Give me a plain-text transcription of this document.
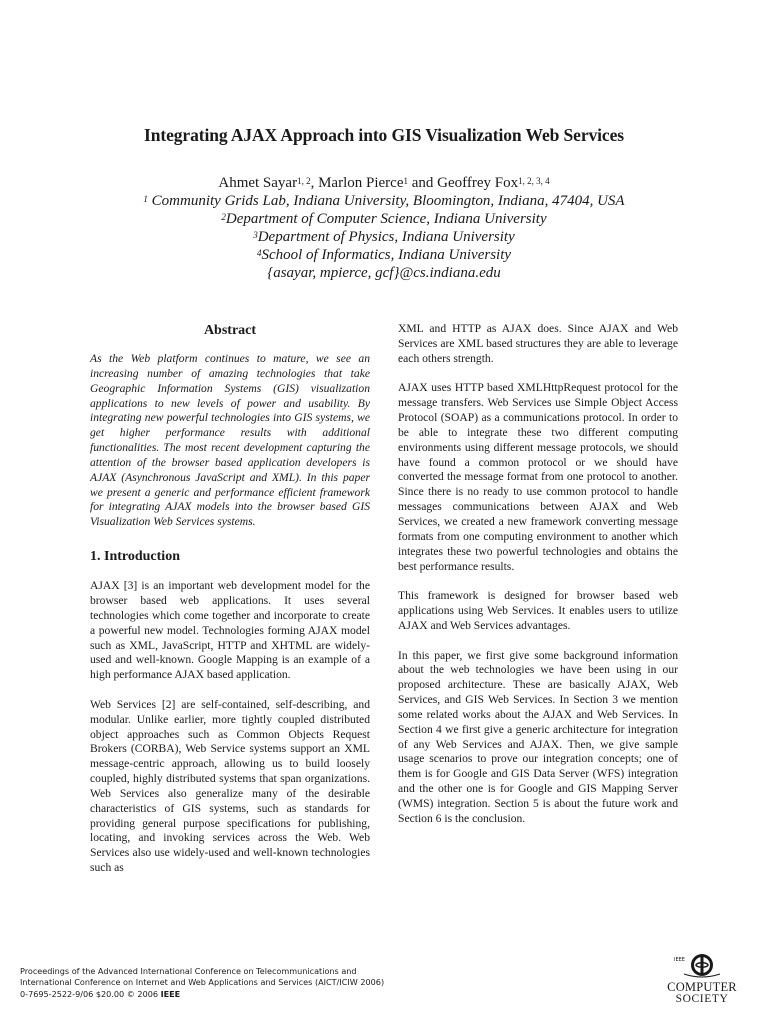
Integrating AJAX Approach into GIS Visualization Web Services
Ahmet Sayar$^{1, 2}$, Marlon Pierce$^1$ and Geoffrey Fox$^{1, 2, 3, 4}$
$^1$ Community Grids Lab, Indiana University, Bloomington, Indiana, 47404, USA
$^2$Department of Computer Science, Indiana University
$^3$Department of Physics, Indiana University
$^4$School of Informatics, Indiana University
{asayar, mpierce, gcf}@cs.indiana.edu
Abstract

As the Web platform continues to mature, we see an increasing number of amazing technologies that take Geographic Information Systems (GIS) visualization applications to new levels of power and usability. By integrating new powerful technologies into GIS systems, we get higher performance results with additional functionalities. The most recent development capturing the attention of the browser based application developers is AJAX (Asynchronous JavaScript and XML). In this paper we present a generic and performance efficient framework for integrating AJAX models into the browser based GIS Visualization Web Services systems.

1. Introduction

AJAX [3] is an important web development model for the browser based web applications. It uses several technologies which come together and incorporate to create a powerful new model. Technologies forming AJAX model such as XML, JavaScript, HTTP and XHTML are widely-used and well-known. Google Mapping is an example of a high performance AJAX based application.

Web Services [2] are self-contained, self-describing, and modular. Unlike earlier, more tightly coupled distributed object approaches such as Common Objects Request Brokers (CORBA), Web Service systems support an XML message-centric approach, allowing us to build loosely coupled, highly distributed systems that span organizations. Web Services also generalize many of the desirable characteristics of GIS systems, such as standards for providing general purpose specifications for publishing, locating, and invoking services across the Web. Web Services also use widely-used and well-known technologies such as

XML and HTTP as AJAX does. Since AJAX and Web Services are XML based structures they are able to leverage each others strength.

AJAX uses HTTP based XMLHttpRequest protocol for the message transfers. Web Services use Simple Object Access Protocol (SOAP) as a communications protocol. In order to be able to integrate these two different computing environments using different message protocols, we should have found a common protocol or we should have converted the message format from one protocol to another. Since there is no ready to use common protocol to handle messages communications between AJAX and Web Services, we created a new framework converting message formats from one computing environment to another which integrates these two powerful technologies and obtains the best performance results.

This framework is designed for browser based web applications using Web Services. It enables users to utilize AJAX and Web Services advantages.

In this paper, we first give some background information about the web technologies we have been using in our proposed architecture. These are basically AJAX, Web Services, and GIS Web Services. In Section 3 we mention some related works about the AJAX and Web Services. In Section 4 we first give a generic architecture for integration of any Web Services and AJAX. Then, we give sample usage scenarios to prove our integration concepts; one of them is for Google and GIS Data Server (WFS) integration and the other one is for Google and GIS Mapping Server (WMS) integration. Section 5 is about the future work and Section 6 is the conclusion.

Proceedings of the Advanced International Conference on Telecommunications and
International Conference on Internet and Web Applications and Services (AICT/ICIW 2006)
0-7695-2522-9/06 $20.00 © 2006 IEEE
IEEE
COMPUTER
SOCIETY
